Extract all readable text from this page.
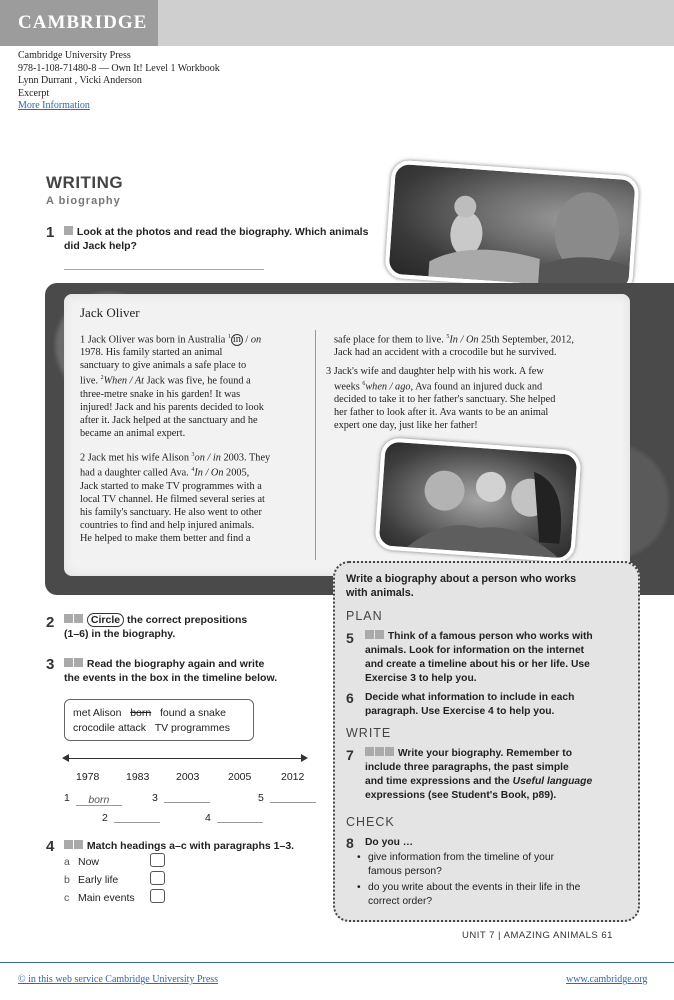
CAMBRIDGE
Cambridge University Press
978-1-108-71480-8 — Own It! Level 1 Workbook
Lynn Durrant , Vicki Anderson
Excerpt
More Information
WRITING
A biography
1	Look at the photos and read the biography. Which animals
did Jack help?
Jack Oliver
1 Jack Oliver was born in Australia $^1$ in / on
1978. His family started an animal
sanctuary to give animals a safe place to
live. $^2$When / At Jack was five, he found a
three-metre snake in his garden! It was
injured! Jack and his parents decided to look
after it. Jack helped at the sanctuary and he
became an animal expert.
2 Jack met his wife Alison $^3$on / in 2003. They
had a daughter called Ava. $^4$In / On 2005,
Jack started to make TV programmes with a
local TV channel. He filmed several series at
his family's sanctuary. He also went to other
countries to find and help injured animals.
He helped to make them better and find a
safe place for them to live. $^5$In / On 25th September, 2012,
Jack had an accident with a crocodile but he survived.
3 Jack's wife and daughter help with his work. A few
weeks $^6$when / ago, Ava found an injured duck and
decided to take it to her father's sanctuary. She helped
her father to look after it. Ava wants to be an animal
expert one day, just like her father!
2	Circle the correct prepositions
(1–6) in the biography.
3	Read the biography again and write
the events in the box in the timeline below.
met Alison born found a snake
crocodile attack TV programmes
1978	1983	2003	2005	2012
1 born	3	5
2	4
4	Match headings a–c with paragraphs 1–3.
a Now
b Early life
c Main events
Write a biography about a person who works
with animals.
PLAN
5	Think of a famous person who works with
animals. Look for information on the internet
and create a timeline about his or her life. Use
Exercise 3 to help you.
6 Decide what information to include in each
paragraph. Use Exercise 4 to help you.
WRITE
7	Write your biography. Remember to
include three paragraphs, the past simple
and time expressions and the Useful language
expressions (see Student's Book, p89).
CHECK
8 Do you …
• give information from the timeline of your
famous person?
• do you write about the events in their life in the
correct order?
UNIT 7 | AMAZING ANIMALS 61
© in this web service Cambridge University Press	www.cambridge.org
